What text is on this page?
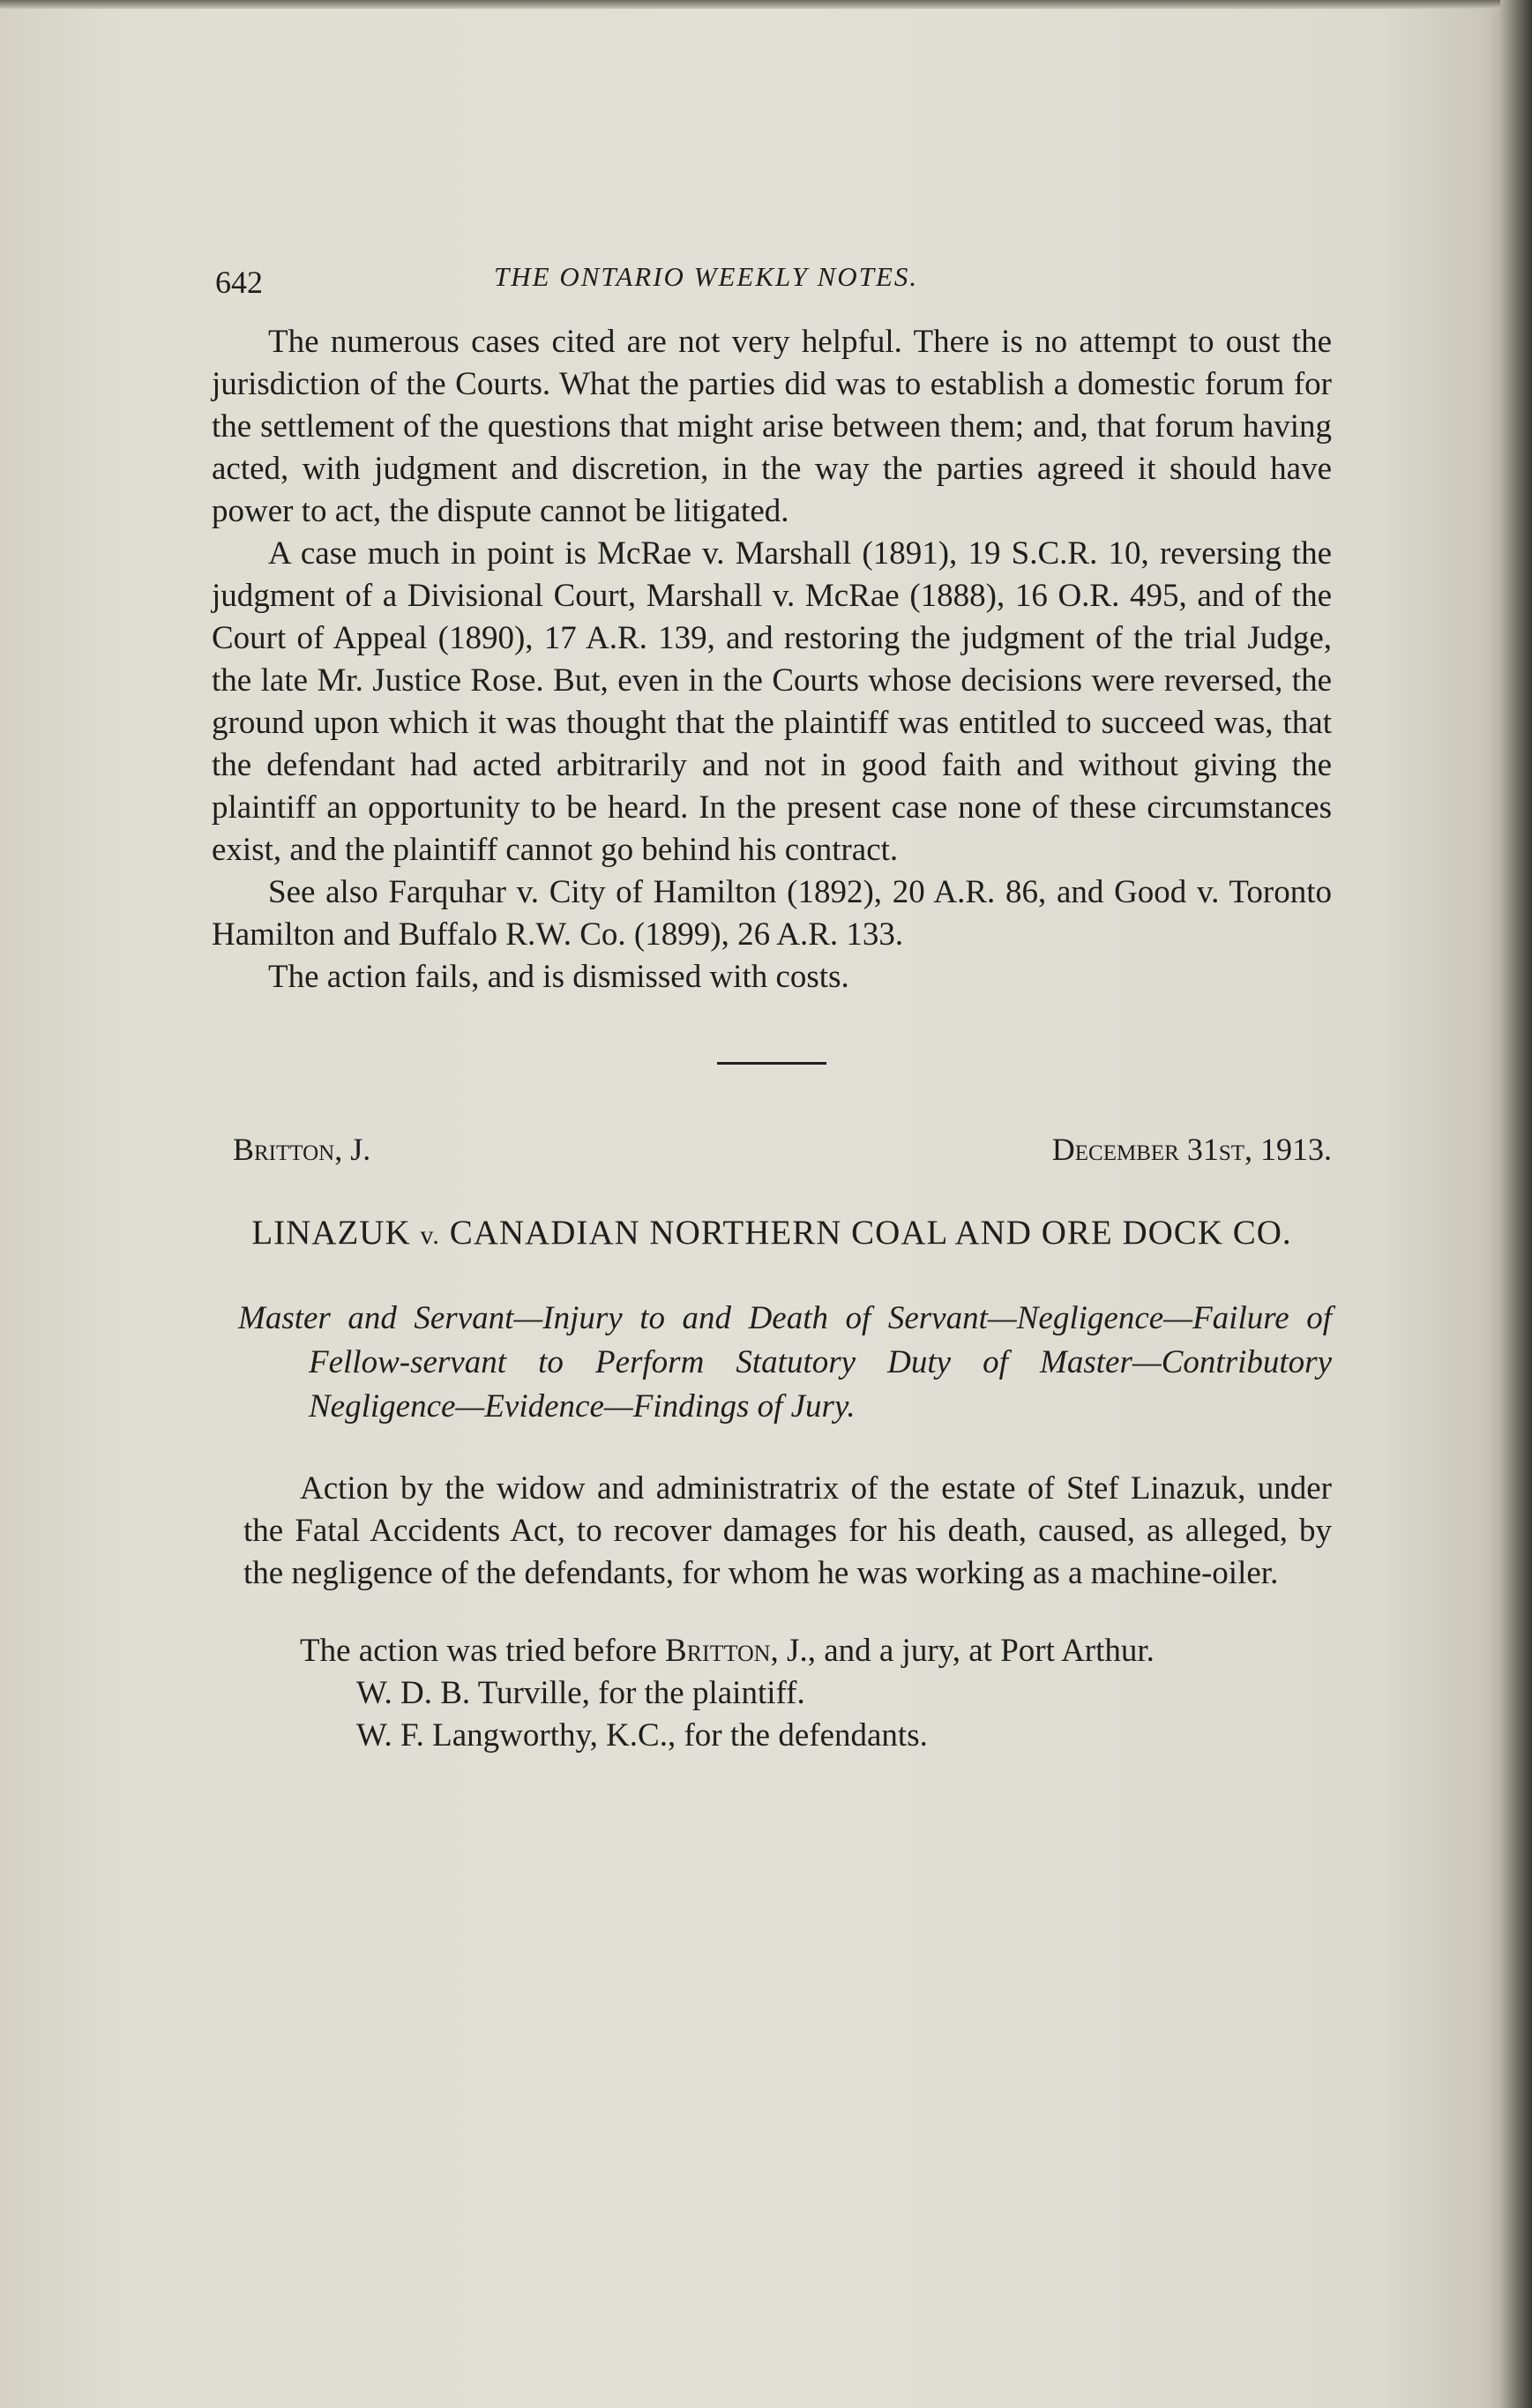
642	THE ONTARIO WEEKLY NOTES.

The numerous cases cited are not very helpful. There is no attempt to oust the jurisdiction of the Courts. What the parties did was to establish a domestic forum for the settlement of the questions that might arise between them; and, that forum having acted, with judgment and discretion, in the way the parties agreed it should have power to act, the dispute cannot be litigated.

A case much in point is McRae v. Marshall (1891), 19 S.C.R. 10, reversing the judgment of a Divisional Court, Marshall v. McRae (1888), 16 O.R. 495, and of the Court of Appeal (1890), 17 A.R. 139, and restoring the judgment of the trial Judge, the late Mr. Justice Rose. But, even in the Courts whose decisions were reversed, the ground upon which it was thought that the plaintiff was entitled to succeed was, that the defendant had acted arbitrarily and not in good faith and without giving the plaintiff an opportunity to be heard. In the present case none of these circumstances exist, and the plaintiff cannot go behind his contract.

See also Farquhar v. City of Hamilton (1892), 20 A.R. 86, and Good v. Toronto Hamilton and Buffalo R.W. Co. (1899), 26 A.R. 133.

The action fails, and is dismissed with costs.

Britton, J.	December 31st, 1913.
LINAZUK v. CANADIAN NORTHERN COAL AND ORE DOCK CO.

Master and Servant—Injury to and Death of Servant—Negligence—Failure of Fellow-servant to Perform Statutory Duty of Master—Contributory Negligence—Evidence—Findings of Jury.

Action by the widow and administratrix of the estate of Stef Linazuk, under the Fatal Accidents Act, to recover damages for his death, caused, as alleged, by the negligence of the defendants, for whom he was working as a machine-oiler.

The action was tried before Britton, J., and a jury, at Port Arthur.

W. D. B. Turville, for the plaintiff.

W. F. Langworthy, K.C., for the defendants.
